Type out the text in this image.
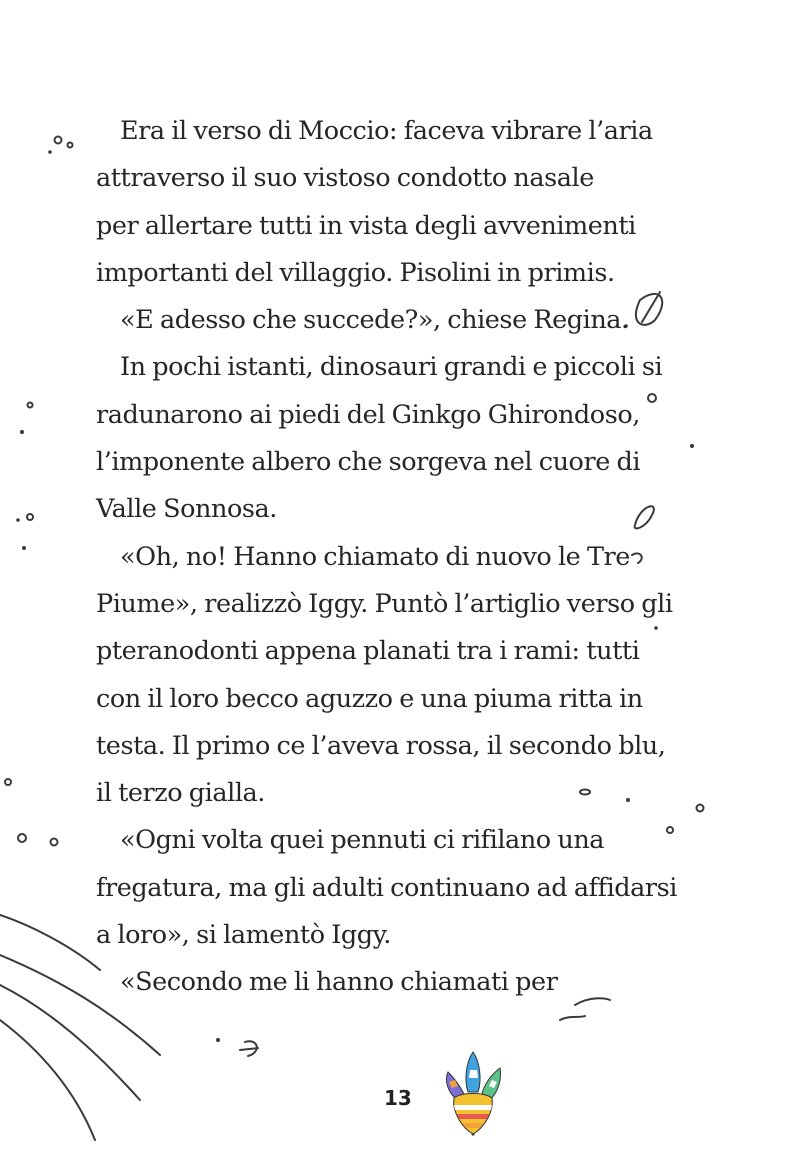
Era il verso di Moccio: faceva vibrare l’aria
attraverso il suo vistoso condotto nasale
per allertare tutti in vista degli avvenimenti
importanti del villaggio. Pisolini in primis.
«E adesso che succede?», chiese Regina.
In pochi istanti, dinosauri grandi e piccoli si
radunarono ai piedi del Ginkgo Ghirondoso,
l’imponente albero che sorgeva nel cuore di
Valle Sonnosa.
«Oh, no! Hanno chiamato di nuovo le Tre
Piume», realizzò Iggy. Puntò l’artiglio verso gli
pteranodonti appena planati tra i rami: tutti
con il loro becco aguzzo e una piuma ritta in
testa. Il primo ce l’aveva rossa, il secondo blu,
il terzo gialla.
«Ogni volta quei pennuti ci rifilano una
fregatura, ma gli adulti continuano ad affidarsi
a loro», si lamentò Iggy.
«Secondo me li hanno chiamati per
13
